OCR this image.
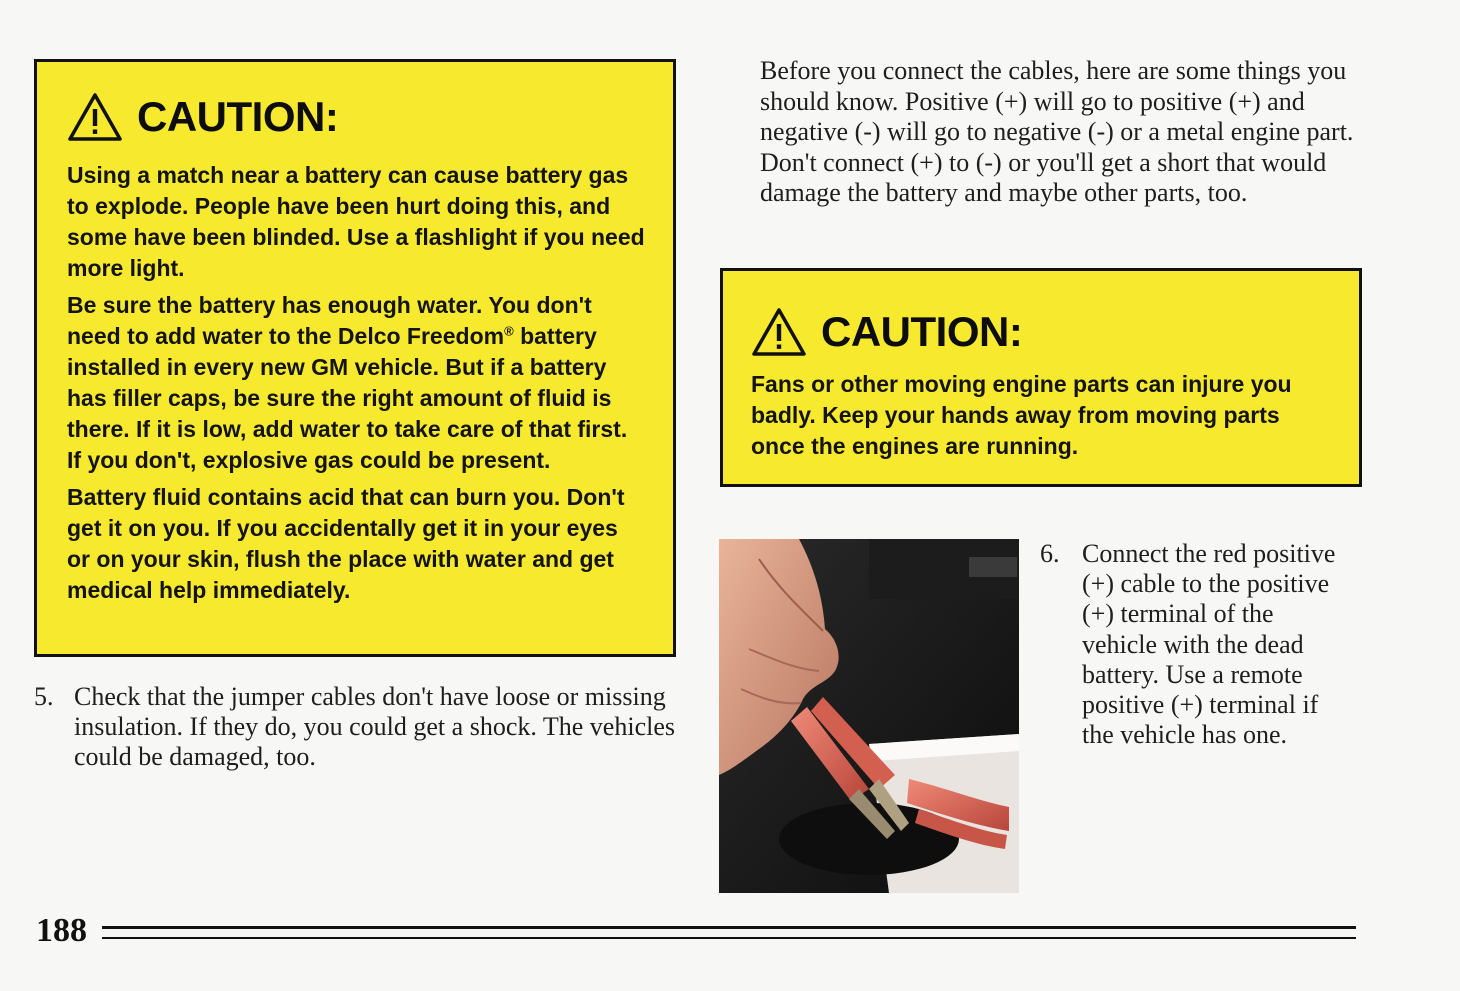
CAUTION:

Using a match near a battery can cause battery gas to explode. People have been hurt doing this, and some have been blinded. Use a flashlight if you need more light.

Be sure the battery has enough water. You don't need to add water to the Delco Freedom® battery installed in every new GM vehicle. But if a battery has filler caps, be sure the right amount of fluid is there. If it is low, add water to take care of that first. If you don't, explosive gas could be present.

Battery fluid contains acid that can burn you. Don't get it on you. If you accidentally get it in your eyes or on your skin, flush the place with water and get medical help immediately.

5. Check that the jumper cables don't have loose or missing insulation. If they do, you could get a shock. The vehicles could be damaged, too.
Before you connect the cables, here are some things you should know. Positive (+) will go to positive (+) and negative (-) will go to negative (-) or a metal engine part. Don't connect (+) to (-) or you'll get a short that would damage the battery and maybe other parts, too.
CAUTION:

Fans or other moving engine parts can injure you badly. Keep your hands away from moving parts once the engines are running.

6. Connect the red positive (+) cable to the positive (+) terminal of the vehicle with the dead battery. Use a remote positive (+) terminal if the vehicle has one.
188
